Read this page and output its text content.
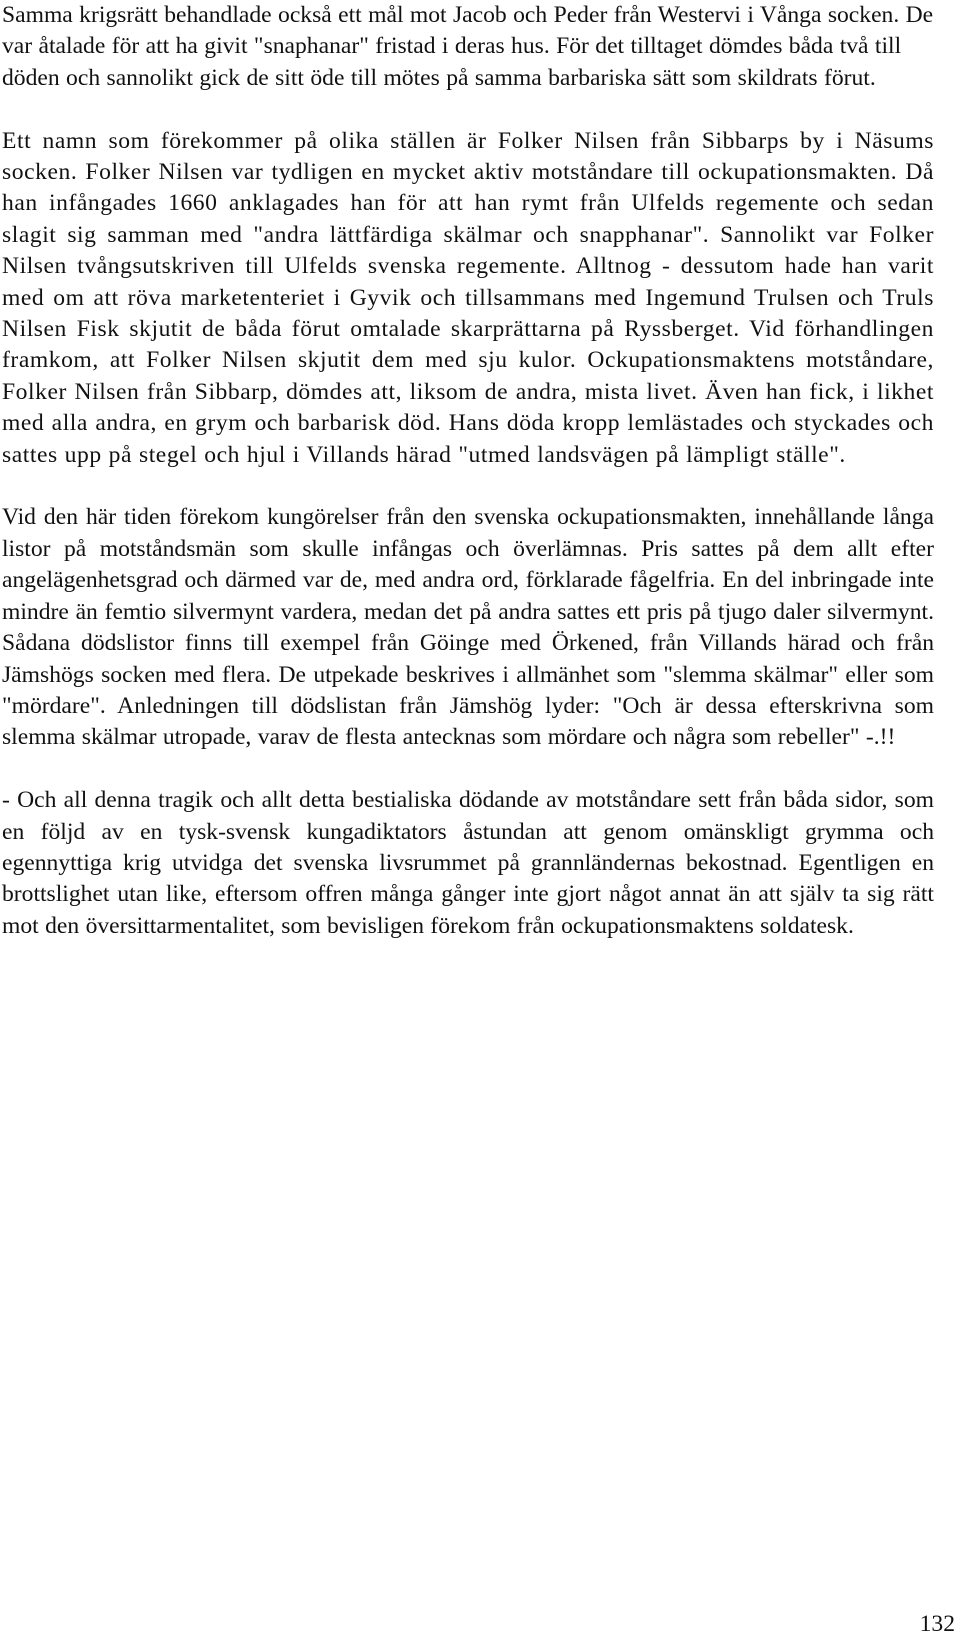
Samma krigsrätt behandlade också ett mål mot Jacob och Peder från Westervi i Vånga socken. De var åtalade för att ha givit "snaphanar" fristad i deras hus. För det tilltaget dömdes båda två till döden och sannolikt gick de sitt öde till mötes på samma barbariska sätt som skildrats förut.

Ett namn som förekommer på olika ställen är Folker Nilsen från Sibbarps by i Näsums socken. Folker Nilsen var tydligen en mycket aktiv motståndare till ockupationsmakten. Då han infångades 1660 anklagades han för att han rymt från Ulfelds regemente och sedan slagit sig samman med "andra lättfärdiga skälmar och snapphanar". Sannolikt var Folker Nilsen tvångsutskriven till Ulfelds svenska regemente. Alltnog - dessutom hade han varit med om att röva marketenteriet i Gyvik och tillsammans med Ingemund Trulsen och Truls Nilsen Fisk skjutit de båda förut omtalade skarprättarna på Ryssberget. Vid förhandlingen framkom, att Folker Nilsen skjutit dem med sju kulor. Ockupationsmaktens motståndare, Folker Nilsen från Sibbarp, dömdes att, liksom de andra, mista livet. Även han fick, i likhet med alla andra, en grym och barbarisk död. Hans döda kropp lemlästades och styckades och sattes upp på stegel och hjul i Villands härad "utmed landsvägen på lämpligt ställe".

Vid den här tiden förekom kungörelser från den svenska ockupationsmakten, innehållande långa listor på motståndsmän som skulle infångas och överlämnas. Pris sattes på dem allt efter angelägenhetsgrad och därmed var de, med andra ord, förklarade fågelfria. En del inbringade inte mindre än femtio silvermynt vardera, medan det på andra sattes ett pris på tjugo daler silvermynt. Sådana dödslistor finns till exempel från Göinge med Örkened, från Villands härad och från Jämshögs socken med flera. De utpekade beskrives i allmänhet som "slemma skälmar" eller som "mördare". Anledningen till dödslistan från Jämshög lyder: "Och är dessa efterskrivna som slemma skälmar utropade, varav de flesta antecknas som mördare och några som rebeller" -.!!

- Och all denna tragik och allt detta bestialiska dödande av motståndare sett från båda sidor, som en följd av en tysk-svensk kungadiktators åstundan att genom omänskligt grymma och egennyttiga krig utvidga det svenska livsrummet på grannländernas bekostnad. Egentligen en brottslighet utan like, eftersom offren många gånger inte gjort något annat än att själv ta sig rätt mot den översittarmentalitet, som bevisligen förekom från ockupationsmaktens soldatesk.

132
